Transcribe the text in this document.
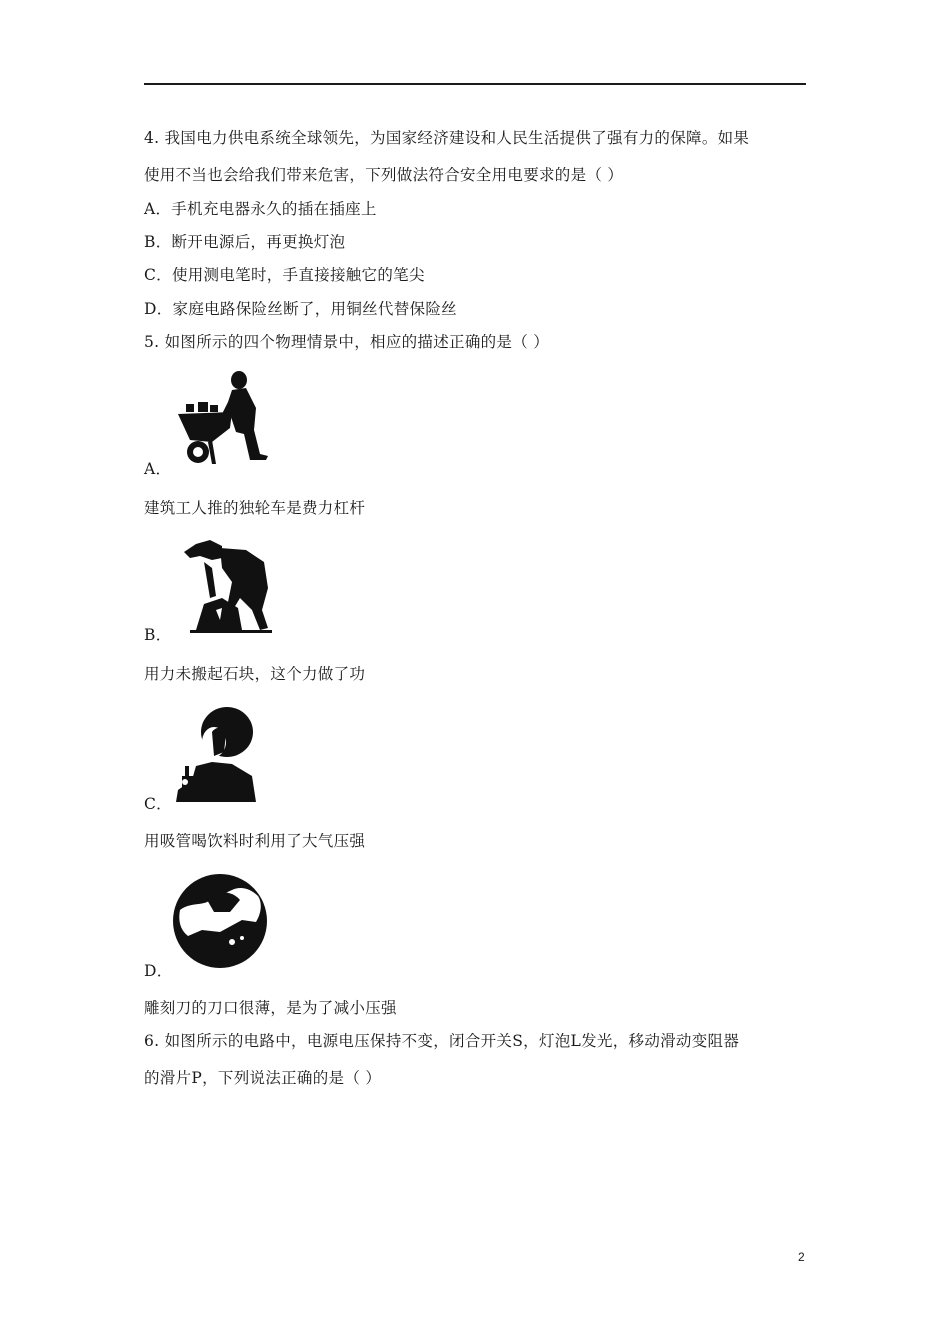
4. 我国电力供电系统全球领先，为国家经济建设和人民生活提供了强有力的保障。如果
使用不当也会给我们带来危害，下列做法符合安全用电要求的是（ ）
A．手机充电器永久的插在插座上
B．断开电源后，再更换灯泡
C．使用测电笔时，手直接接触它的笔尖
D．家庭电路保险丝断了，用铜丝代替保险丝
5. 如图所示的四个物理情景中，相应的描述正确的是（ ）
A．
建筑工人推的独轮车是费力杠杆
B．
用力未搬起石块，这个力做了功
C．
用吸管喝饮料时利用了大气压强
D．
雕刻刀的刀口很薄，是为了减小压强
6. 如图所示的电路中，电源电压保持不变，闭合开关S，灯泡L发光，移动滑动变阻器
的滑片P，下列说法正确的是（ ）
2
